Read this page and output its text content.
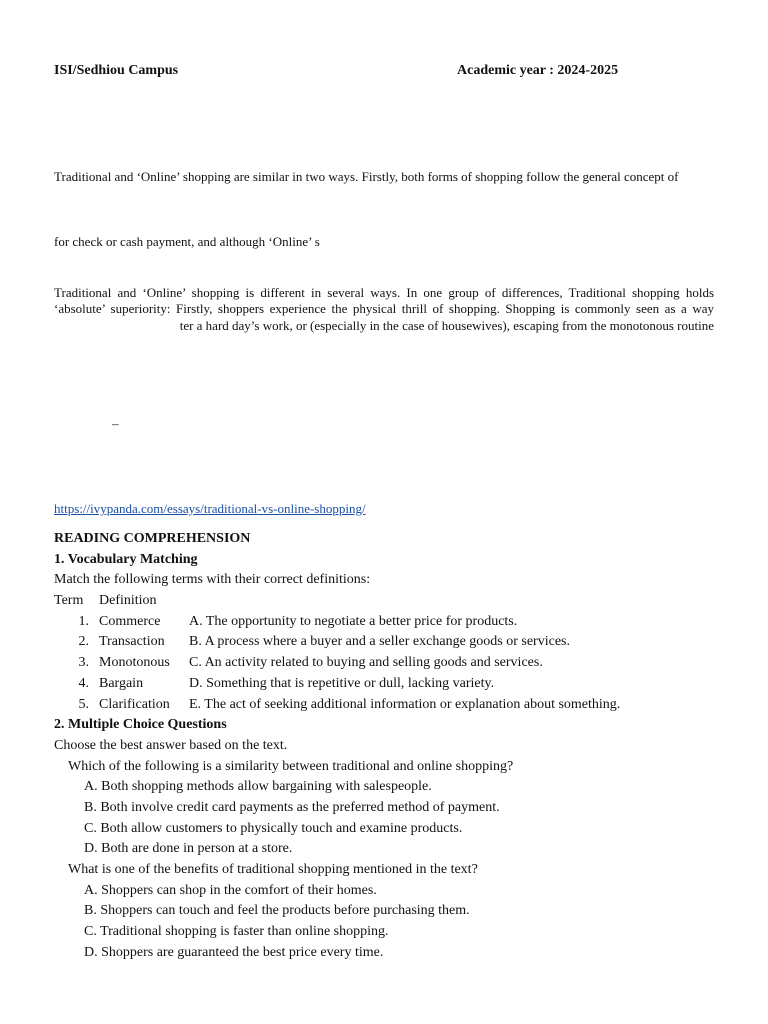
ISI/Sedhiou Campus	Academic year : 2024-2025
Traditional and ‘Online’ shopping are similar in two ways. Firstly, both forms of shopping follow the general concept of
for check or cash payment, and although ‘Online’ s
Traditional and ‘Online’ shopping is different in several ways. In one group of differences, Traditional shopping holds
‘absolute’ superiority: Firstly, shoppers experience the physical thrill of shopping. Shopping is commonly seen as a way
ter a hard day’s work, or (especially in the case of housewives), escaping from the monotonous routine
–
https://ivypanda.com/essays/traditional-vs-online-shopping/
READING COMPREHENSION
1. Vocabulary Matching
Match the following terms with their correct definitions:
Term	Definition
1. Commerce	A. The opportunity to negotiate a better price for products.
2. Transaction	B. A process where a buyer and a seller exchange goods or services.
3. Monotonous	C. An activity related to buying and selling goods and services.
4. Bargain	D. Something that is repetitive or dull, lacking variety.
5. Clarification	E. The act of seeking additional information or explanation about something.
2. Multiple Choice Questions
Choose the best answer based on the text.
Which of the following is a similarity between traditional and online shopping?
A. Both shopping methods allow bargaining with salespeople.
B. Both involve credit card payments as the preferred method of payment.
C. Both allow customers to physically touch and examine products.
D. Both are done in person at a store.
What is one of the benefits of traditional shopping mentioned in the text?
A. Shoppers can shop in the comfort of their homes.
B. Shoppers can touch and feel the products before purchasing them.
C. Traditional shopping is faster than online shopping.
D. Shoppers are guaranteed the best price every time.
